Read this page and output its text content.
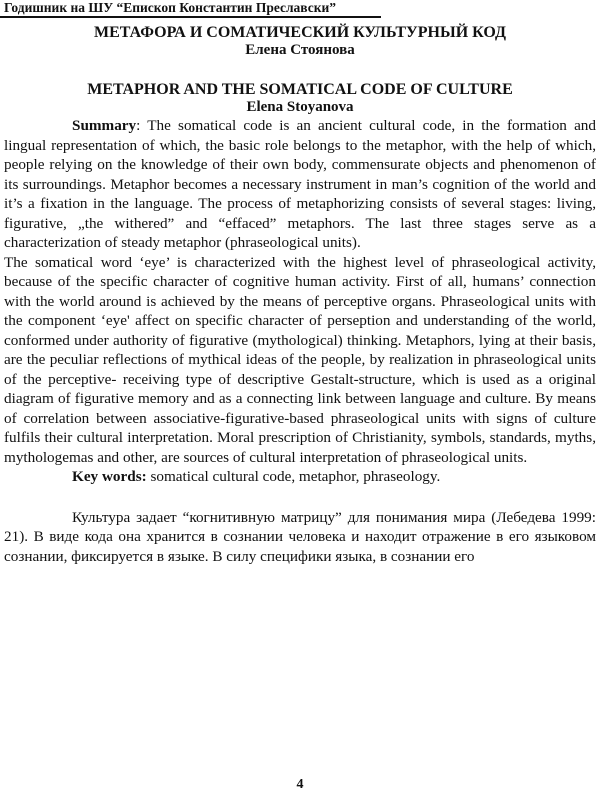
Годишник на ШУ “Епископ Константин Преславски”

МЕТАФОРА И СОМАТИЧЕСКИЙ КУЛЬТУРНЫЙ КОД

Елена Стоянова

METAPHOR AND THE SOMATICAL CODE OF CULTURE

Elena Stoyanova

Summary: The somatical code is an ancient cultural code, in the formation and lingual representation of which, the basic role belongs to the metaphor, with the help of which, people relying on the knowledge of their own body, commensurate objects and phenomenon of its surroundings. Metaphor becomes a necessary instrument in man’s cognition of the world and it’s a fixation in the language. The process of metaphorizing consists of several stages: living, figurative, „the withered” and “effaced” metaphors. The last three stages serve as a characterization of steady metaphor (phraseological units).

The somatical word ‘eye’ is characterized with the highest level of phraseological activity, because of the specific character of cognitive human activity. First of all, humans’ connection with the world around is achieved by the means of perceptive organs. Phraseological units with the component ‘eye' affect on specific character of perseption and understanding of the world, conformed under authority of figurative (mythological) thinking. Metaphors, lying at their basis, are the peculiar reflections of mythical ideas of the people, by realization in phraseological units of the perceptive- receiving type of descriptive Gestalt-structure, which is used as a original diagram of figurative memory and as a connecting link between language and culture. By means of correlation between associative-figurative-based phraseological units with signs of culture fulfils their cultural interpretation. Moral prescription of Christianity, symbols, standards, myths, mythologemas and other, are sources of cultural interpretation of phraseological units.

Key words: somatical cultural code, metaphor, phraseology.

Культура задает “когнитивную матрицу” для понимания мира (Лебедева 1999: 21). В виде кода она хранится в сознании человека и находит отражение в его языковом сознании, фиксируется в языке. В силу специфики языка, в сознании его

4
